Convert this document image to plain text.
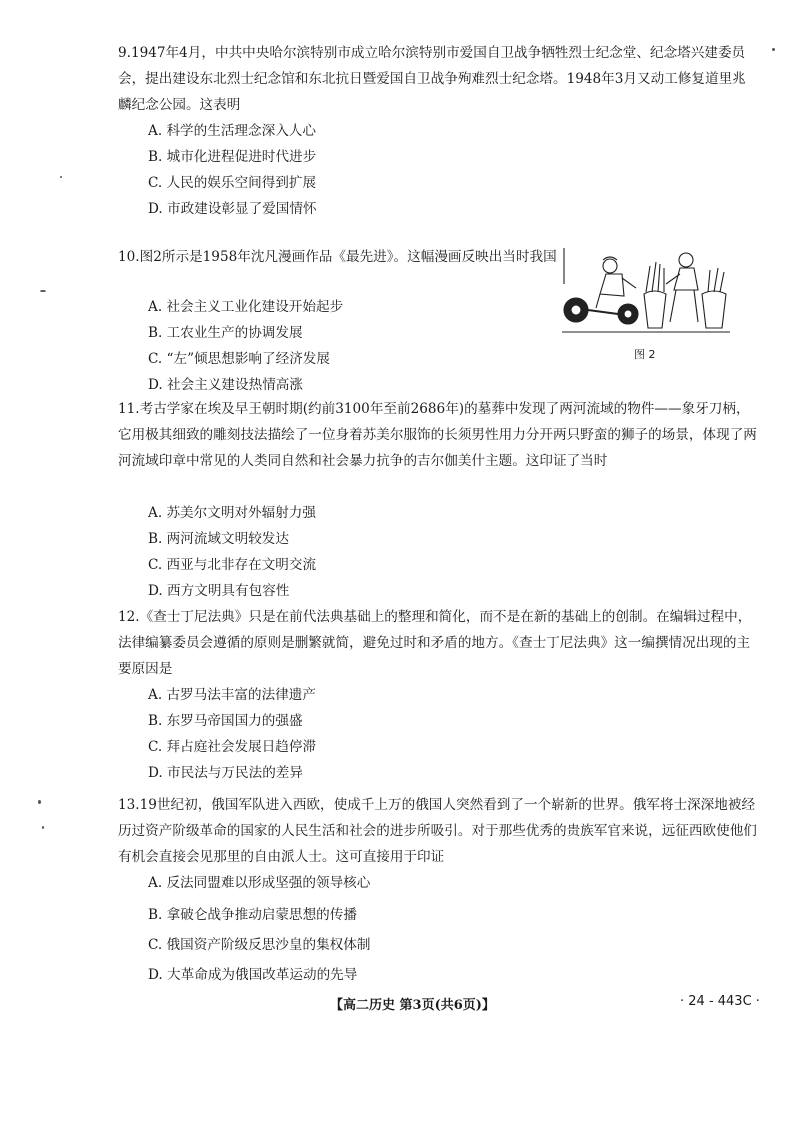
9.1947年4月，中共中央哈尔滨特别市成立哈尔滨特别市爱国自卫战争牺牲烈士纪念堂、纪念塔兴建委员会，提出建设东北烈士纪念馆和东北抗日暨爱国自卫战争殉难烈士纪念塔。1948年3月又动工修复道里兆麟纪念公园。这表明

A. 科学的生活理念深入人心
B. 城市化进程促进时代进步
C. 人民的娱乐空间得到扩展
D. 市政建设彰显了爱国情怀

10.图2所示是1958年沈凡漫画作品《最先进》。这幅漫画反映出当时我国

A. 社会主义工业化建设开始起步
B. 工农业生产的协调发展
C. “左”倾思想影响了经济发展
D. 社会主义建设热情高涨
图 2

11.考古学家在埃及早王朝时期(约前3100年至前2686年)的墓葬中发现了两河流域的物件——象牙刀柄，它用极其细致的雕刻技法描绘了一位身着苏美尔服饰的长须男性用力分开两只野蛮的狮子的场景，体现了两河流域印章中常见的人类同自然和社会暴力抗争的吉尔伽美什主题。这印证了当时

A. 苏美尔文明对外辐射力强
B. 两河流域文明较发达
C. 西亚与北非存在文明交流
D. 西方文明具有包容性

12.《查士丁尼法典》只是在前代法典基础上的整理和简化，而不是在新的基础上的创制。在编辑过程中，法律编纂委员会遵循的原则是删繁就简，避免过时和矛盾的地方。《查士丁尼法典》这一编撰情况出现的主要原因是

A. 古罗马法丰富的法律遗产
B. 东罗马帝国国力的强盛
C. 拜占庭社会发展日趋停滞
D. 市民法与万民法的差异

13.19世纪初，俄国军队进入西欧，使成千上万的俄国人突然看到了一个崭新的世界。俄军将士深深地被经历过资产阶级革命的国家的人民生活和社会的进步所吸引。对于那些优秀的贵族军官来说，远征西欧使他们有机会直接会见那里的自由派人士。这可直接用于印证

A. 反法同盟难以形成坚强的领导核心
B. 拿破仑战争推动启蒙思想的传播
C. 俄国资产阶级反思沙皇的集权体制
D. 大革命成为俄国改革运动的先导
【高二历史 第3页(共6页)】	· 24 - 443C ·
